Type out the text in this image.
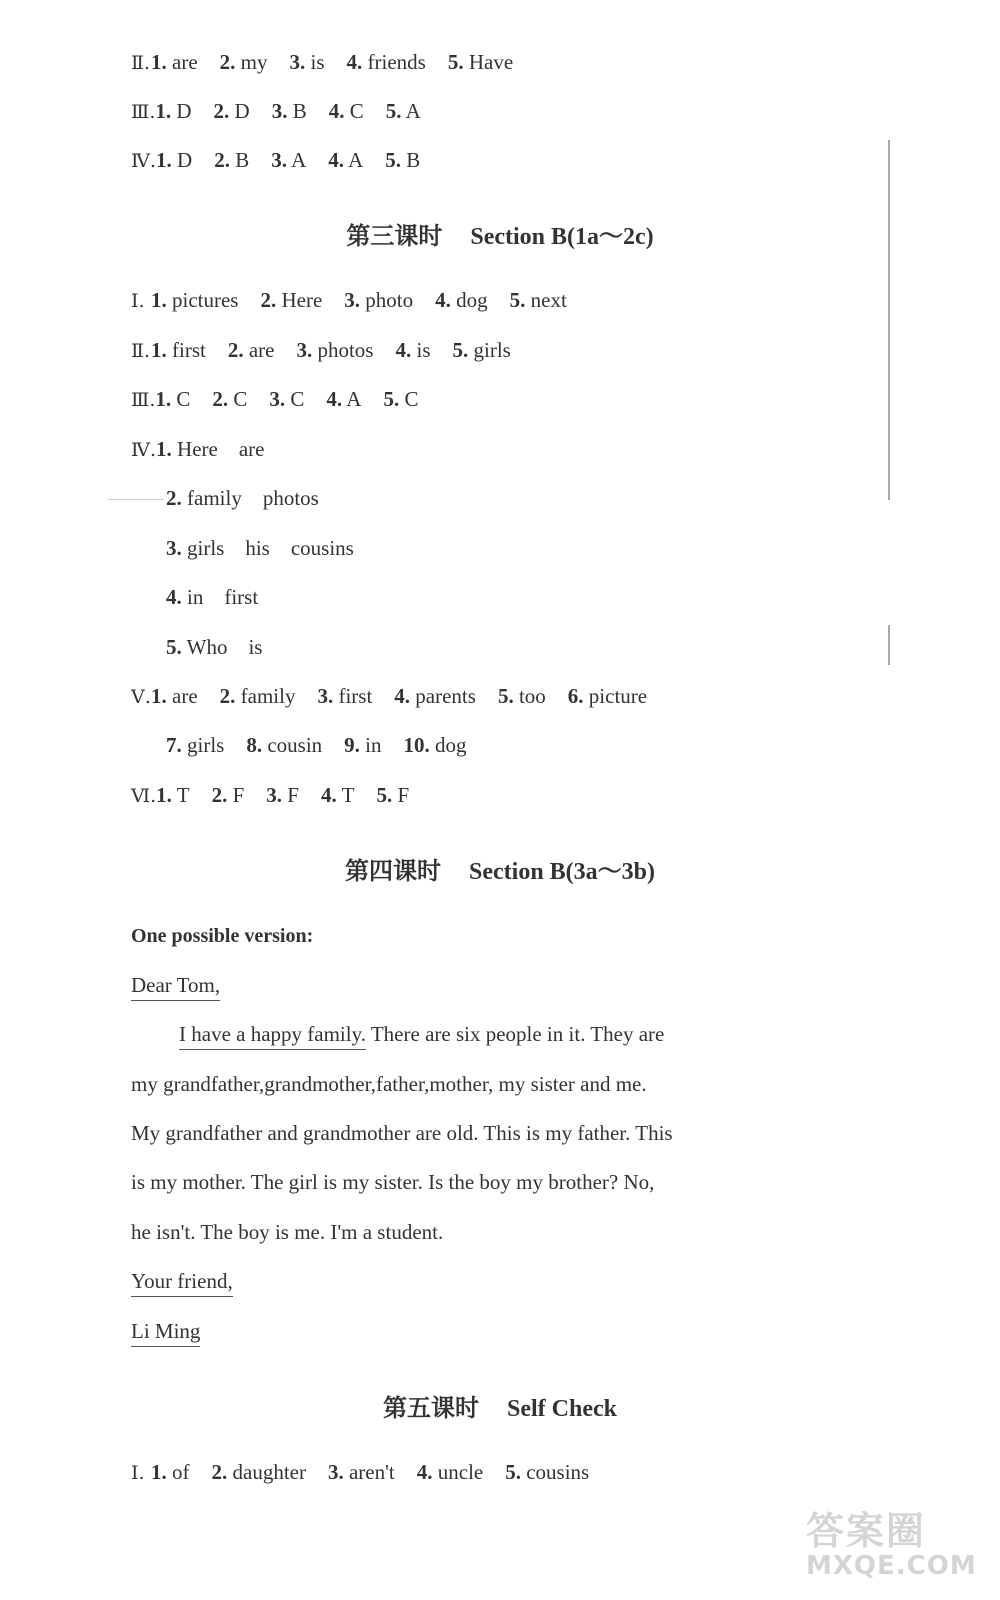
Ⅱ.1. are 2. my 3. is 4. friends 5. Have
Ⅲ.1. D 2. D 3. B 4. C 5. A
Ⅳ.1. D 2. B 3. A 4. A 5. B
第三课时 Section B(1a～2c)
Ⅰ. 1. pictures 2. Here 3. photo 4. dog 5. next
Ⅱ.1. first 2. are 3. photos 4. is 5. girls
Ⅲ.1. C 2. C 3. C 4. A 5. C
Ⅳ.1. Here    are
2. family    photos
3. girls    his    cousins
4. in    first
5. Who    is
Ⅴ.1. are 2. family 3. first 4. parents 5. too 6. picture
7. girls 8. cousin 9. in 10. dog
Ⅵ.1. T 2. F 3. F 4. T 5. F
第四课时 Section B(3a～3b)
One possible version:
Dear Tom,
I have a happy family. There are six people in it. They are
my grandfather,grandmother,father,mother, my sister and me.
My grandfather and grandmother are old. This is my father. This
is my mother. The girl is my sister. Is the boy my brother? No,
he isn't. The boy is me. I'm a student.
Your friend,
Li Ming
第五课时 Self Check
Ⅰ. 1. of 2. daughter 3. aren't 4. uncle 5. cousins
答案圈
MXQE.COM
